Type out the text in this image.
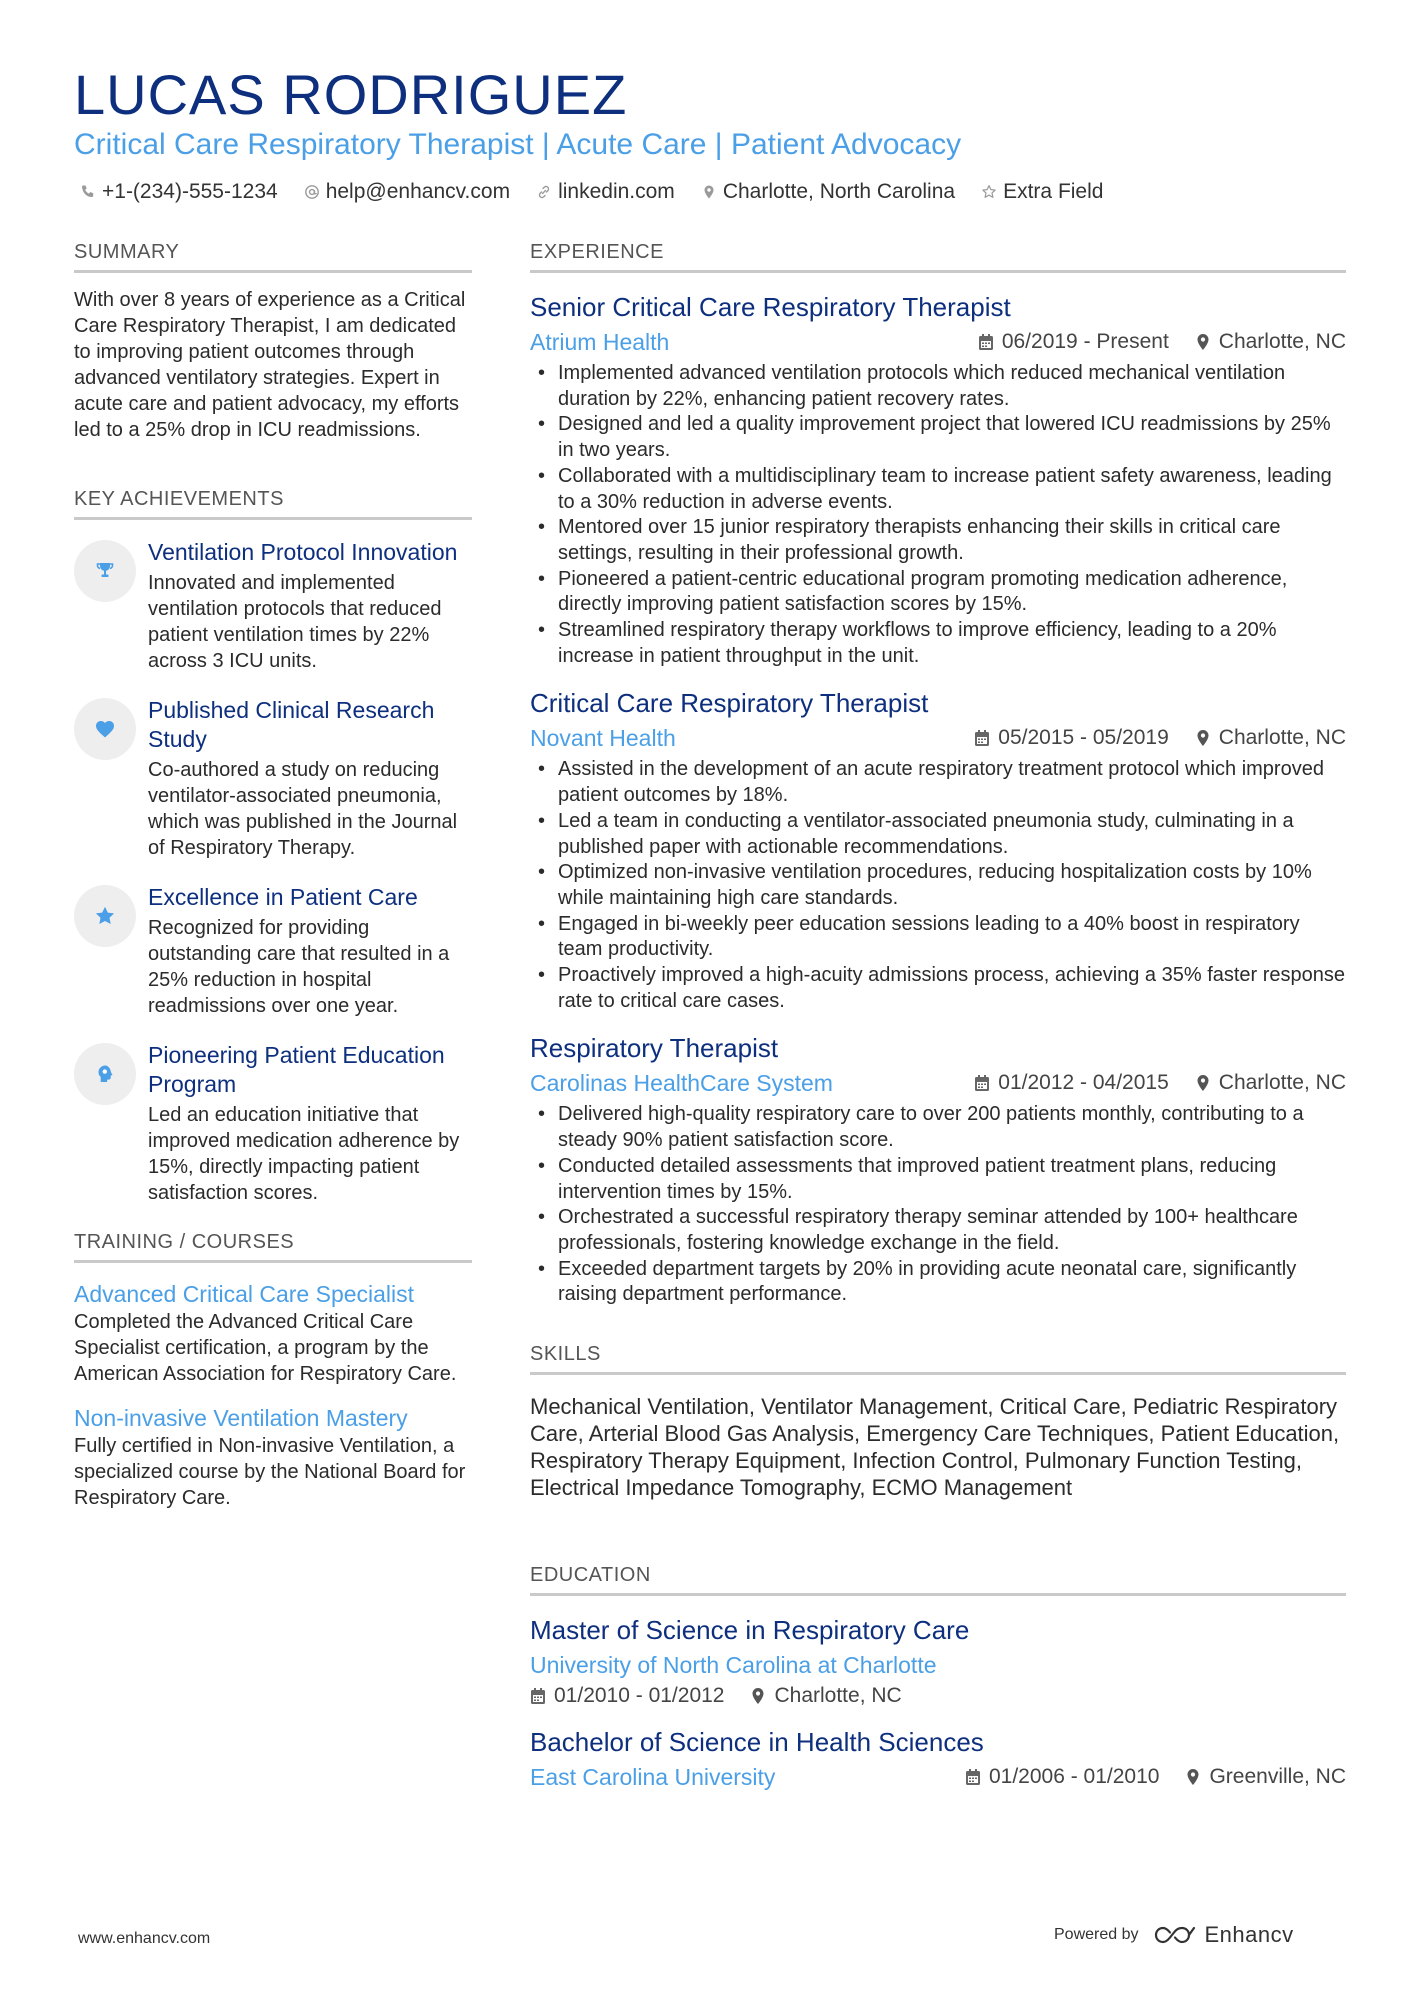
LUCAS RODRIGUEZ
Critical Care Respiratory Therapist | Acute Care | Patient Advocacy
+1-(234)-555-1234 help@enhancv.com linkedin.com Charlotte, North Carolina Extra Field
SUMMARY
With over 8 years of experience as a Critical Care Respiratory Therapist, I am dedicated to improving patient outcomes through advanced ventilatory strategies. Expert in acute care and patient advocacy, my efforts led to a 25% drop in ICU readmissions.
KEY ACHIEVEMENTS
Ventilation Protocol Innovation
Innovated and implemented ventilation protocols that reduced patient ventilation times by 22% across 3 ICU units.
Published Clinical Research Study
Co-authored a study on reducing ventilator-associated pneumonia, which was published in the Journal of Respiratory Therapy.
Excellence in Patient Care
Recognized for providing outstanding care that resulted in a 25% reduction in hospital readmissions over one year.
Pioneering Patient Education Program
Led an education initiative that improved medication adherence by 15%, directly impacting patient satisfaction scores.
TRAINING / COURSES
Advanced Critical Care Specialist
Completed the Advanced Critical Care Specialist certification, a program by the American Association for Respiratory Care.
Non-invasive Ventilation Mastery
Fully certified in Non-invasive Ventilation, a specialized course by the National Board for Respiratory Care.
EXPERIENCE
Senior Critical Care Respiratory Therapist
Atrium Health	06/2019 - Present Charlotte, NC
• Implemented advanced ventilation protocols which reduced mechanical ventilation duration by 22%, enhancing patient recovery rates.
• Designed and led a quality improvement project that lowered ICU readmissions by 25% in two years.
• Collaborated with a multidisciplinary team to increase patient safety awareness, leading to a 30% reduction in adverse events.
• Mentored over 15 junior respiratory therapists enhancing their skills in critical care settings, resulting in their professional growth.
• Pioneered a patient-centric educational program promoting medication adherence, directly improving patient satisfaction scores by 15%.
• Streamlined respiratory therapy workflows to improve efficiency, leading to a 20% increase in patient throughput in the unit.
Critical Care Respiratory Therapist
Novant Health	05/2015 - 05/2019 Charlotte, NC
• Assisted in the development of an acute respiratory treatment protocol which improved patient outcomes by 18%.
• Led a team in conducting a ventilator-associated pneumonia study, culminating in a published paper with actionable recommendations.
• Optimized non-invasive ventilation procedures, reducing hospitalization costs by 10% while maintaining high care standards.
• Engaged in bi-weekly peer education sessions leading to a 40% boost in respiratory team productivity.
• Proactively improved a high-acuity admissions process, achieving a 35% faster response rate to critical care cases.
Respiratory Therapist
Carolinas HealthCare System	01/2012 - 04/2015 Charlotte, NC
• Delivered high-quality respiratory care to over 200 patients monthly, contributing to a steady 90% patient satisfaction score.
• Conducted detailed assessments that improved patient treatment plans, reducing intervention times by 15%.
• Orchestrated a successful respiratory therapy seminar attended by 100+ healthcare professionals, fostering knowledge exchange in the field.
• Exceeded department targets by 20% in providing acute neonatal care, significantly raising department performance.
SKILLS
Mechanical Ventilation, Ventilator Management, Critical Care, Pediatric Respiratory Care, Arterial Blood Gas Analysis, Emergency Care Techniques, Patient Education, Respiratory Therapy Equipment, Infection Control, Pulmonary Function Testing, Electrical Impedance Tomography, ECMO Management
EDUCATION
Master of Science in Respiratory Care
University of North Carolina at Charlotte
01/2010 - 01/2012 Charlotte, NC
Bachelor of Science in Health Sciences
East Carolina University	01/2006 - 01/2010 Greenville, NC
www.enhancv.com	Powered by	Enhancv
